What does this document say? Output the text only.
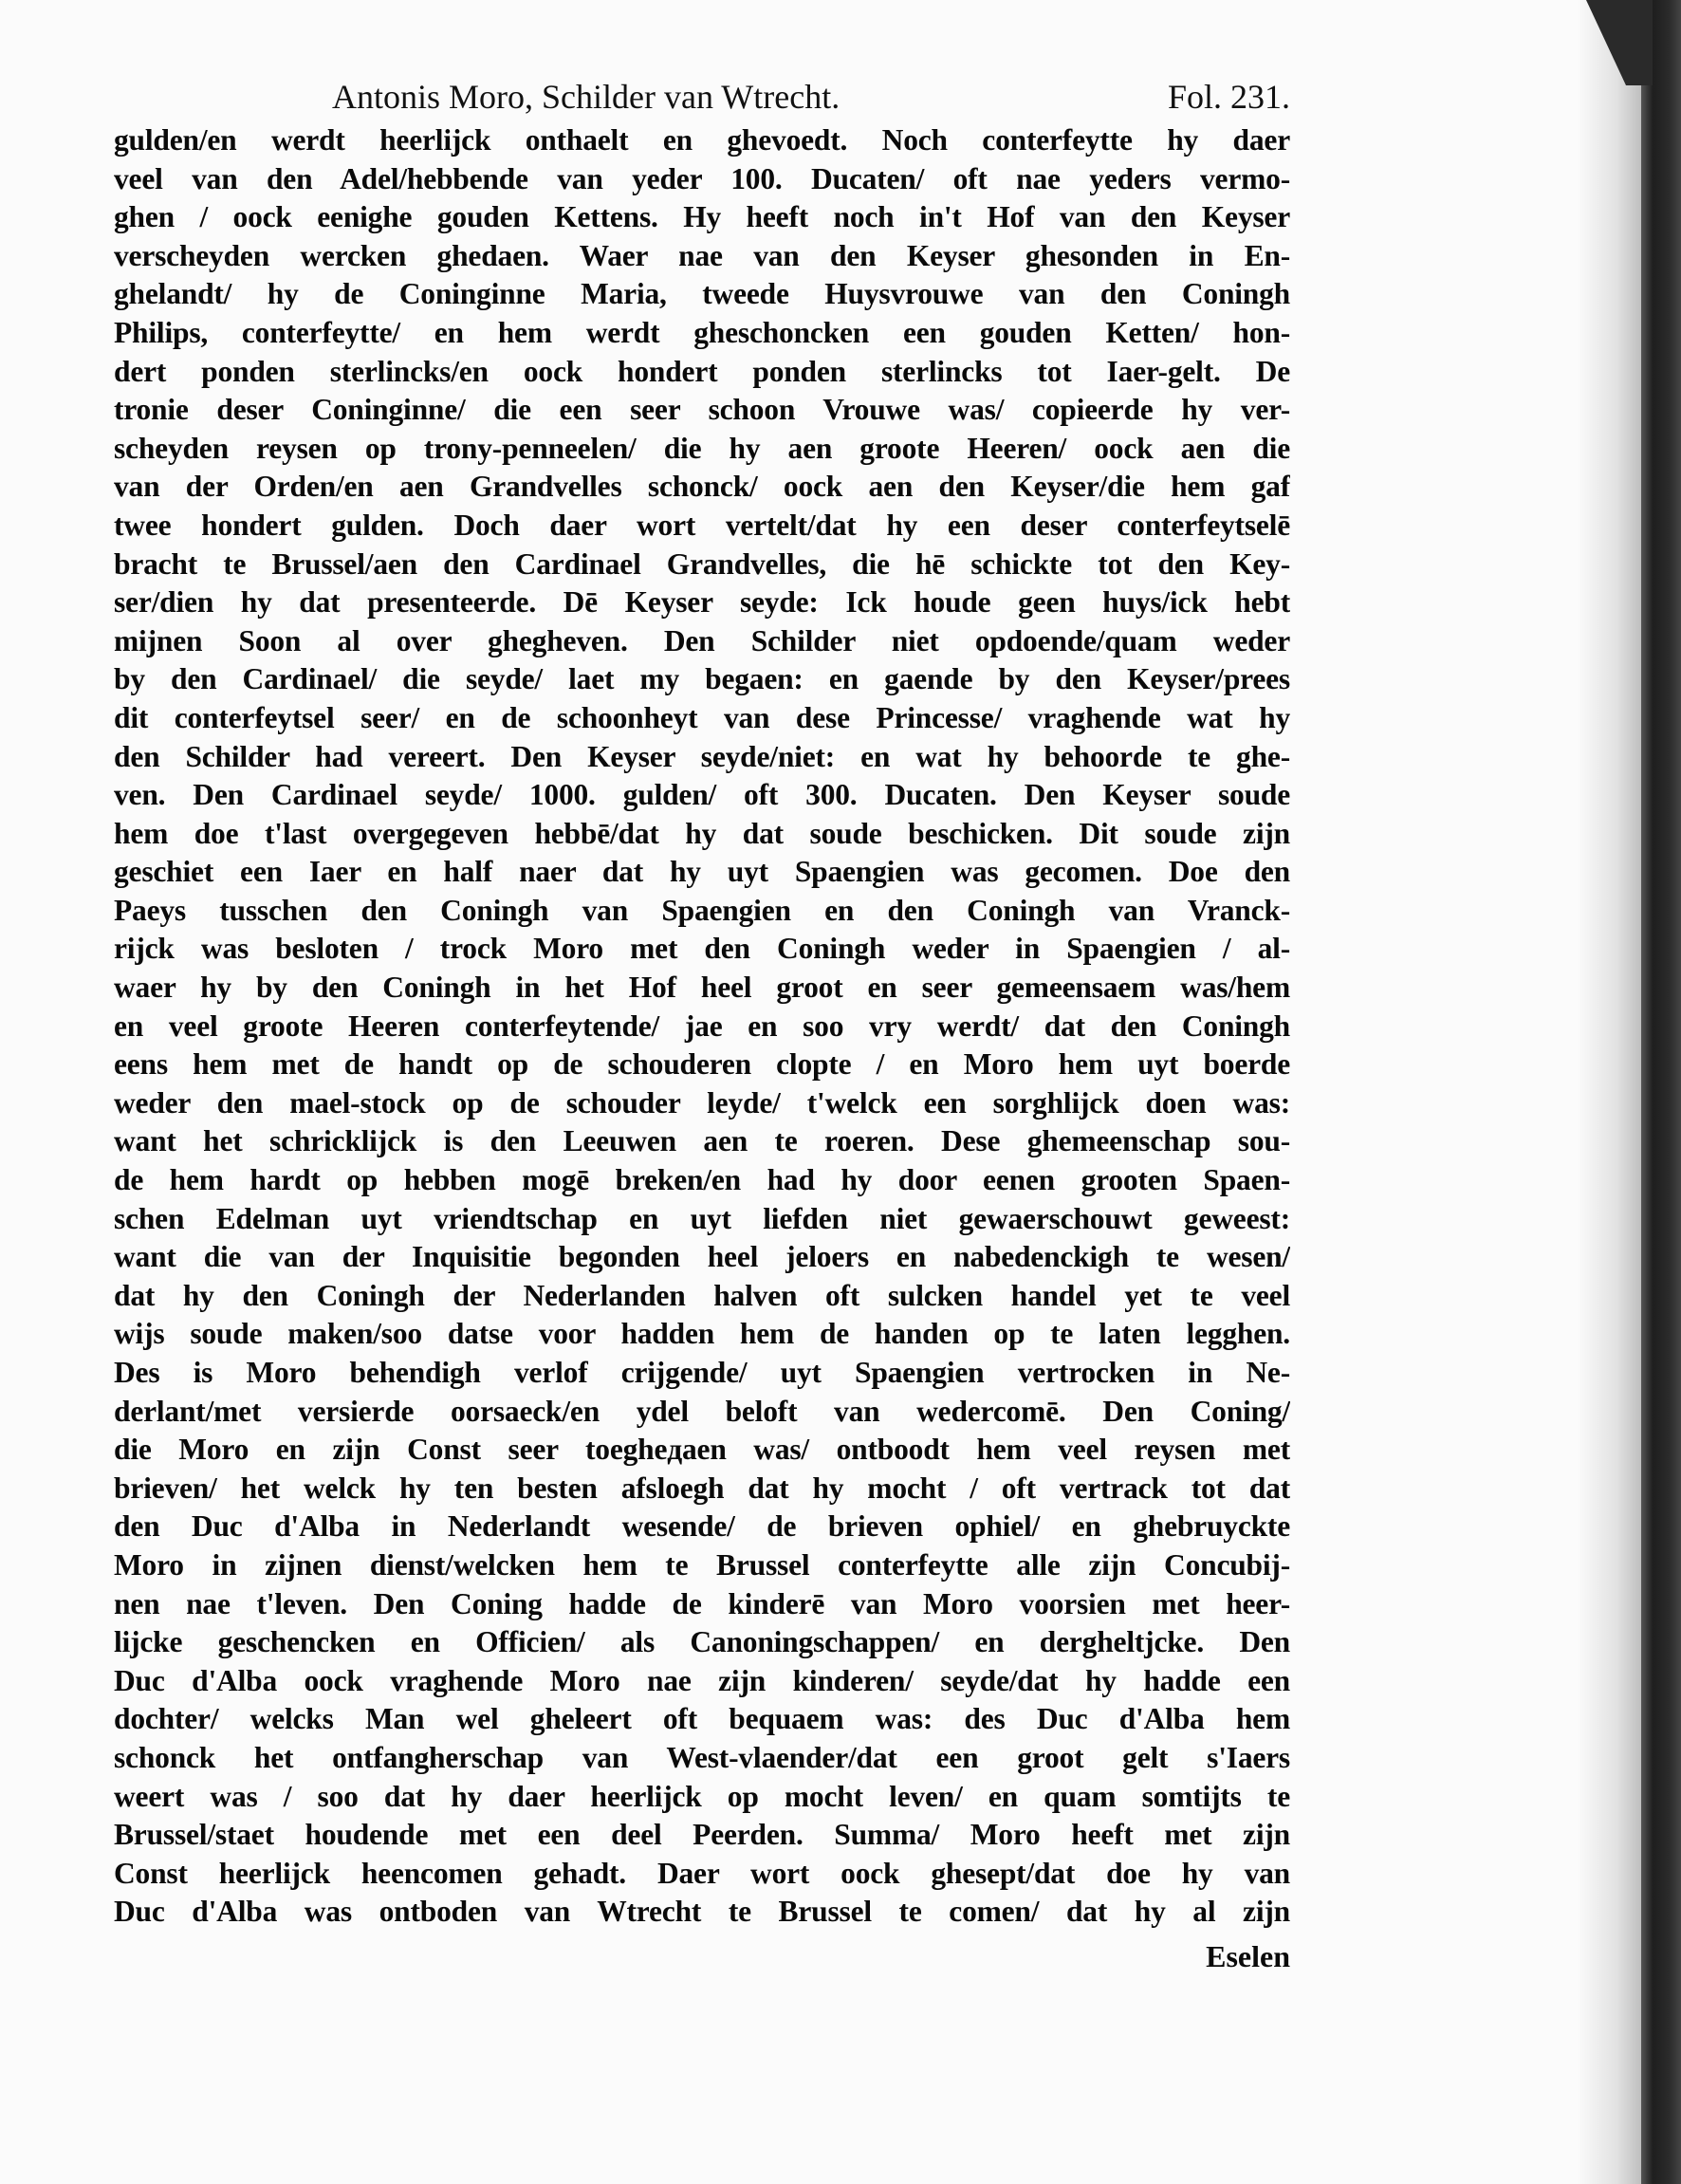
Antonis Moro, Schilder van Wtrecht.	Fol. 231.
gulden/en werdt heerlijck onthaelt en ghevoedt. Noch conterfeytte hy daer
veel van den Adel/hebbende van yeder 100. Ducaten/ oft nae yeders vermo-
ghen / oock eenighe gouden Kettens. Hy heeft noch in't Hof van den Keyser
verscheyden wercken ghedaen. Waer nae van den Keyser ghesonden in En-
ghelandt/ hy de Coninginne Maria, tweede Huysvrouwe van den Coningh
Philips, conterfeytte/ en hem werdt gheschoncken een gouden Ketten/ hon-
dert ponden sterlincks/en oock hondert ponden sterlincks tot Iaer-gelt. De
tronie deser Coninginne/ die een seer schoon Vrouwe was/ copieerde hy ver-
scheyden reysen op trony-penneelen/ die hy aen groote Heeren/ oock aen die
van der Orden/en aen Grandvelles schonck/ oock aen den Keyser/die hem gaf
twee hondert gulden. Doch daer wort vertelt/dat hy een deser conterfeytselē
bracht te Brussel/aen den Cardinael Grandvelles, die hē schickte tot den Key-
ser/dien hy dat presenteerde. Dē Keyser seyde: Ick houde geen huys/ick hebt
mijnen Soon al over ghegheven. Den Schilder niet opdoende/quam weder
by den Cardinael/ die seyde/ laet my begaen: en gaende by den Keyser/prees
dit conterfeytsel seer/ en de schoonheyt van dese Princesse/ vraghende wat hy
den Schilder had vereert. Den Keyser seyde/niet: en wat hy behoorde te ghe-
ven. Den Cardinael seyde/ 1000. gulden/ oft 300. Ducaten. Den Keyser soude
hem doe t'last overgegeven hebbē/dat hy dat soude beschicken. Dit soude zijn
geschiet een Iaer en half naer dat hy uyt Spaengien was gecomen. Doe den
Paeys tusschen den Coningh van Spaengien en den Coningh van Vranck-
rijck was besloten / trock Moro met den Coningh weder in Spaengien / al-
waer hy by den Coningh in het Hof heel groot en seer gemeensaem was/hem
en veel groote Heeren conterfeytende/ jae en soo vry werdt/ dat den Coningh
eens hem met de handt op de schouderen clopte / en Moro hem uyt boerde
weder den mael-stock op de schouder leyde/ t'welck een sorghlijck doen was:
want het schricklijck is den Leeuwen aen te roeren. Dese ghemeenschap sou-
de hem hardt op hebben mogē breken/en had hy door eenen grooten Spaen-
schen Edelman uyt vriendtschap en uyt liefden niet gewaerschouwt geweest:
want die van der Inquisitie begonden heel jeloers en nabedenckigh te wesen/
dat hy den Coningh der Nederlanden halven oft sulcken handel yet te veel
wijs soude maken/soo datse voor hadden hem de handen op te laten legghen.
Des is Moro behendigh verlof crijgende/ uyt Spaengien vertrocken in Ne-
derlant/met versierde oorsaeck/en ydel beloft van wedercomē. Den Coning/
die Moro en zijn Const seer toegheдaen was/ ontboodt hem veel reysen met
brieven/ het welck hy ten besten afsloegh dat hy mocht / oft vertrack tot dat
den Duc d'Alba in Nederlandt wesende/ de brieven ophiel/ en ghebruyckte
Moro in zijnen dienst/welcken hem te Brussel conterfeytte alle zijn Concubij-
nen nae t'leven. Den Coning hadde de kinderē van Moro voorsien met heer-
lijcke geschencken en Officien/ als Canoningschappen/ en dergheltjcke. Den
Duc d'Alba oock vraghende Moro nae zijn kinderen/ seyde/dat hy hadde een
dochter/ welcks Man wel gheleert oft bequaem was: des Duc d'Alba hem
schonck het ontfangherschap van West-vlaender/dat een groot gelt s'Iaers
weert was / soo dat hy daer heerlijck op mocht leven/ en quam somtijts te
Brussel/staet houdende met een deel Peerden. Summa/ Moro heeft met zijn
Const heerlijck heencomen gehadt. Daer wort oock ghesept/dat doe hy van
Duc d'Alba was ontboden van Wtrecht te Brussel te comen/ dat hy al zijn
Eselen
